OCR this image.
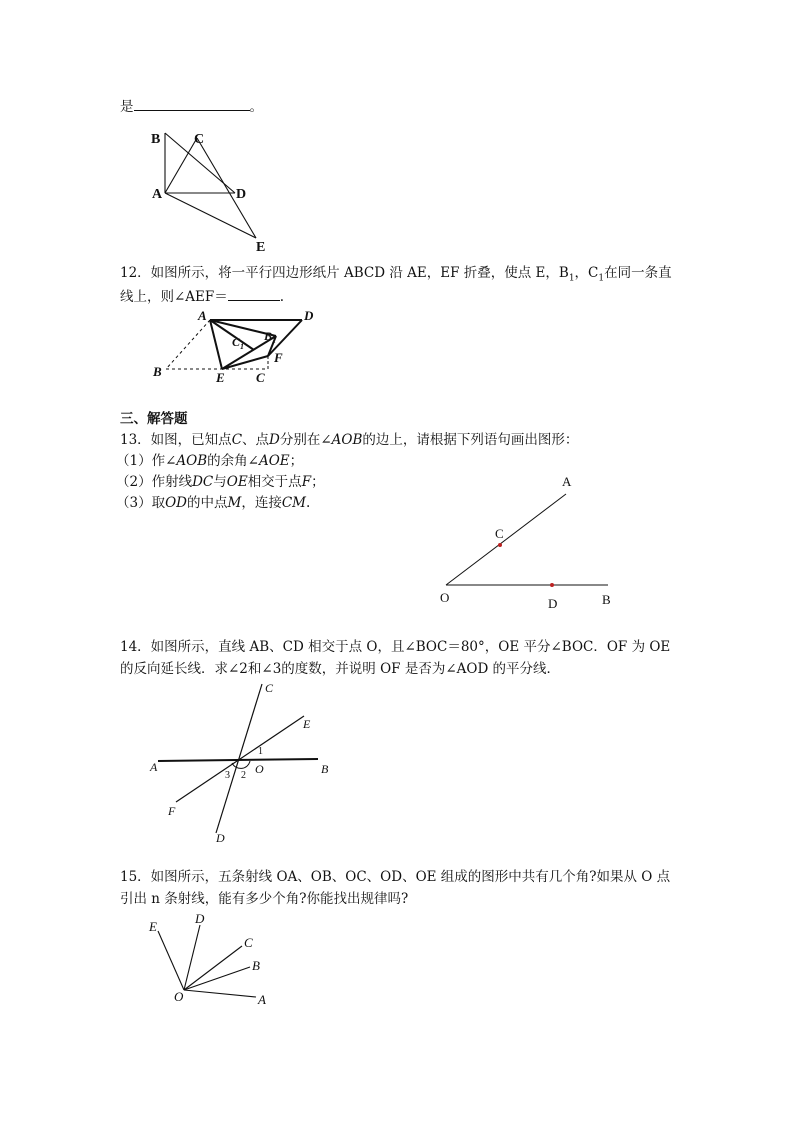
是	。
B C
A	D
E
12．如图所示，将一平行四边形纸片 ABCD 沿 AE，EF 折叠，使点 E，$B_1$，$C_1$在同一条直
线上，则∠AEF＝	.
A	D
$C_1$
$B_1$
F
B	E C
三、解答题
13．如图，已知点C、点D分别在∠AOB的边上，请根据下列语句画出图形：
（1）作∠AOB的余角∠AOE；
（2）作射线DC与OE相交于点F；
（3）取OD的中点M，连接CM.
A
C
O	D	B
14．如图所示，直线 AB、CD 相交于点 O，且∠BOC＝80°，OE 平分∠BOC．OF 为 OE
的反向延长线．求∠2和∠3的度数，并说明 OF 是否为∠AOD 的平分线．
C
E
A	B
O
F
D
1
2
3
15．如图所示，五条射线 OA、OB、OC、OD、OE 组成的图形中共有几个角?如果从 O 点
引出 n 条射线，能有多少个角?你能找出规律吗?
E
D
C
B
O	A
